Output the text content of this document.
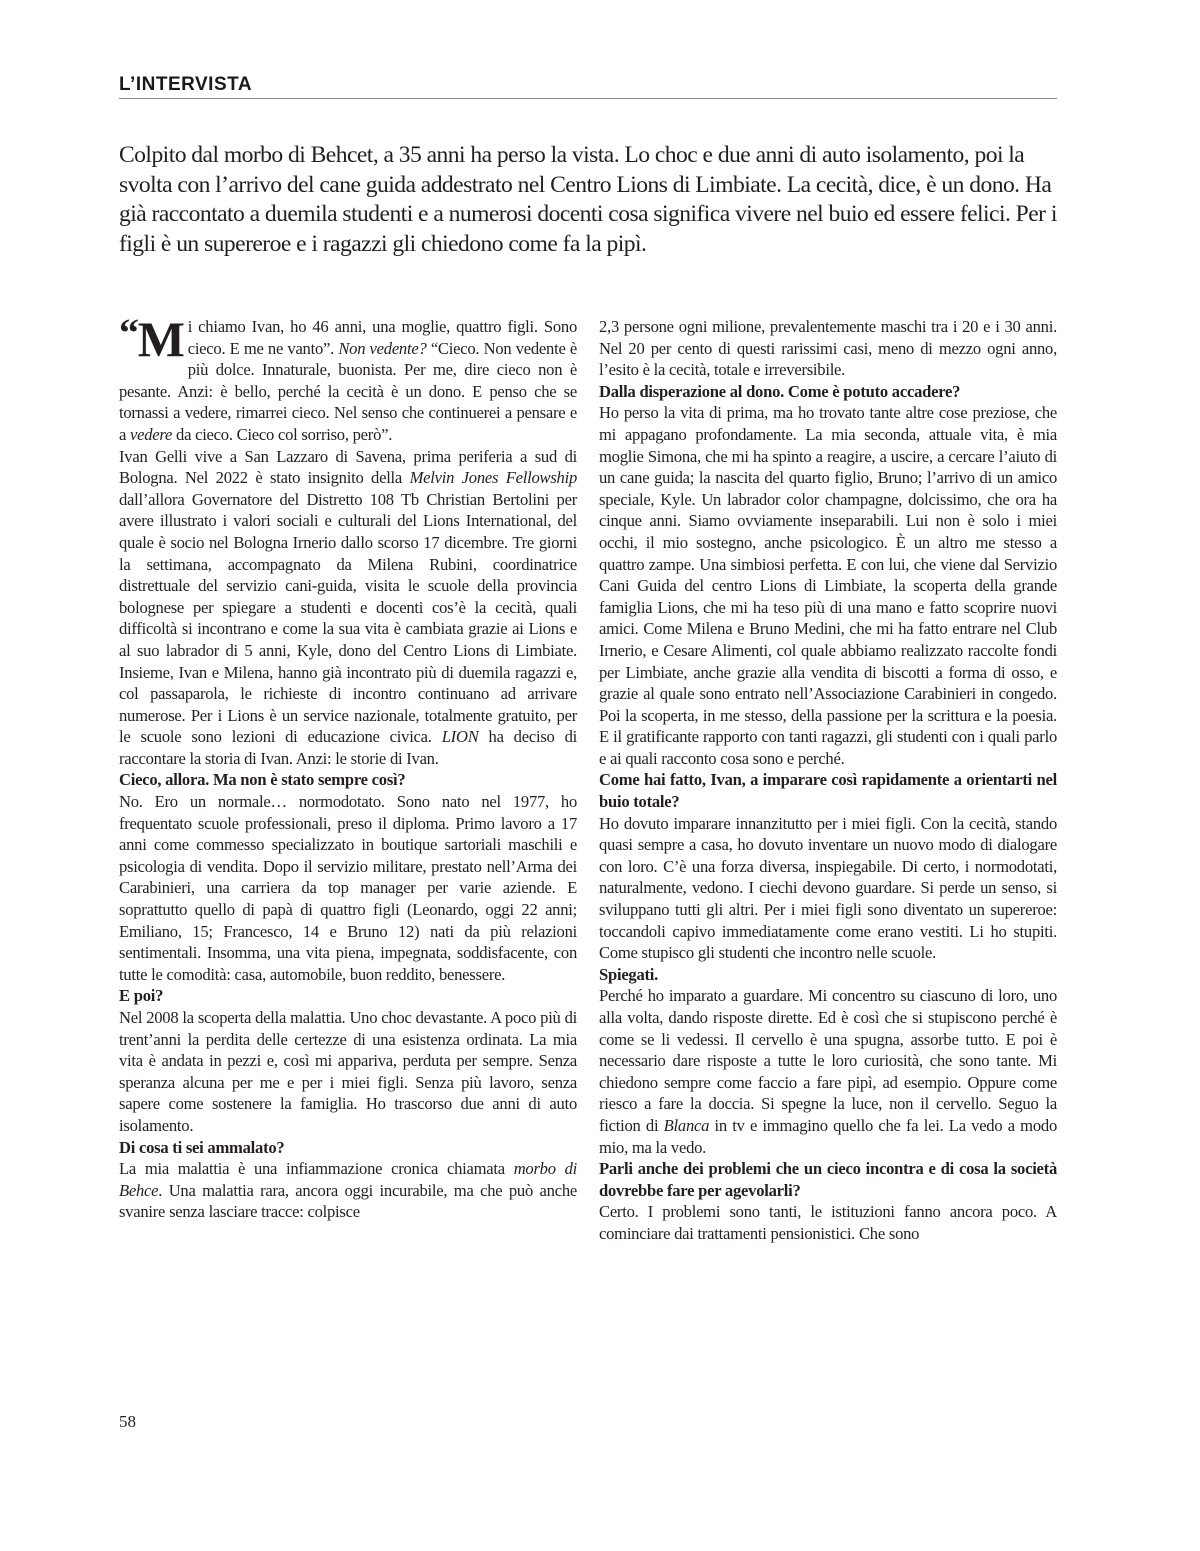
L’INTERVISTA

Colpito dal morbo di Behcet, a 35 anni ha perso la vista. Lo choc e due anni di auto isolamento, poi la svolta con l’arrivo del cane guida addestrato nel Centro Lions di Limbiate. La cecità, dice, è un dono. Ha già raccontato a duemila studenti e a numerosi docenti cosa significa vivere nel buio ed essere felici. Per i figli è un supereroe e i ragazzi gli chiedono come fa la pipì.

“ M i chiamo Ivan, ho 46 anni, una moglie, quattro figli. Sono cieco. E me ne vanto”. Non vedente? “Cieco. Non vedente è più dolce. Innaturale, buonista. Per me, dire cieco non è pesante. Anzi: è bello, perché la cecità è un dono. E penso che se tornassi a vedere, rimarrei cieco. Nel senso che continuerei a pensare e a vedere da cieco. Cieco col sorriso, però”.

Ivan Gelli vive a San Lazzaro di Savena, prima periferia a sud di Bologna. Nel 2022 è stato insignito della Melvin Jones Fellowship dall’allora Governatore del Distretto 108 Tb Christian Bertolini per avere illustrato i valori sociali e culturali del Lions International, del quale è socio nel Bologna Irnerio dallo scorso 17 dicembre. Tre giorni la settimana, accompagnato da Milena Rubini, coordinatrice distrettuale del servizio cani-guida, visita le scuole della provincia bolognese per spiegare a studenti e docenti cos’è la cecità, quali difficoltà si incontrano e come la sua vita è cambiata grazie ai Lions e al suo labrador di 5 anni, Kyle, dono del Centro Lions di Limbiate. Insieme, Ivan e Milena, hanno già incontrato più di duemila ragazzi e, col passaparola, le richieste di incontro continuano ad arrivare numerose. Per i Lions è un service nazionale, totalmente gratuito, per le scuole sono lezioni di educazione civica. LION ha deciso di raccontare la storia di Ivan. Anzi: le storie di Ivan.

Cieco, allora. Ma non è stato sempre così?

No. Ero un normale… normodotato. Sono nato nel 1977, ho frequentato scuole professionali, preso il diploma. Primo lavoro a 17 anni come commesso specializzato in boutique sartoriali maschili e psicologia di vendita. Dopo il servizio militare, prestato nell’Arma dei Carabinieri, una carriera da top manager per varie aziende. E soprattutto quello di papà di quattro figli (Leonardo, oggi 22 anni; Emiliano, 15; Francesco, 14 e Bruno 12) nati da più relazioni sentimentali. Insomma, una vita piena, impegnata, soddisfacente, con tutte le comodità: casa, automobile, buon reddito, benessere.

E poi?

Nel 2008 la scoperta della malattia. Uno choc devastante. A poco più di trent’anni la perdita delle certezze di una esistenza ordinata. La mia vita è andata in pezzi e, così mi appariva, perduta per sempre. Senza speranza alcuna per me e per i miei figli. Senza più lavoro, senza sapere come sostenere la famiglia. Ho trascorso due anni di auto isolamento.

Di cosa ti sei ammalato?

La mia malattia è una infiammazione cronica chiamata morbo di Behce. Una malattia rara, ancora oggi incurabile, ma che può anche svanire senza lasciare tracce: colpisce

2,3 persone ogni milione, prevalentemente maschi tra i 20 e i 30 anni. Nel 20 per cento di questi rarissimi casi, meno di mezzo ogni anno, l’esito è la cecità, totale e irreversibile.

Dalla disperazione al dono. Come è potuto accadere?

Ho perso la vita di prima, ma ho trovato tante altre cose preziose, che mi appagano profondamente. La mia seconda, attuale vita, è mia moglie Simona, che mi ha spinto a reagire, a uscire, a cercare l’aiuto di un cane guida; la nascita del quarto figlio, Bruno; l’arrivo di un amico speciale, Kyle. Un labrador color champagne, dolcissimo, che ora ha cinque anni. Siamo ovviamente inseparabili. Lui non è solo i miei occhi, il mio sostegno, anche psicologico. È un altro me stesso a quattro zampe. Una simbiosi perfetta. E con lui, che viene dal Servizio Cani Guida del centro Lions di Limbiate, la scoperta della grande famiglia Lions, che mi ha teso più di una mano e fatto scoprire nuovi amici. Come Milena e Bruno Medini, che mi ha fatto entrare nel Club Irnerio, e Cesare Alimenti, col quale abbiamo realizzato raccolte fondi per Limbiate, anche grazie alla vendita di biscotti a forma di osso, e grazie al quale sono entrato nell’Associazione Carabinieri in congedo. Poi la scoperta, in me stesso, della passione per la scrittura e la poesia. E il gratificante rapporto con tanti ragazzi, gli studenti con i quali parlo e ai quali racconto cosa sono e perché.

Come hai fatto, Ivan, a imparare così rapidamente a orientarti nel buio totale?

Ho dovuto imparare innanzitutto per i miei figli. Con la cecità, stando quasi sempre a casa, ho dovuto inventare un nuovo modo di dialogare con loro. C’è una forza diversa, inspiegabile. Di certo, i normodotati, naturalmente, vedono. I ciechi devono guardare. Si perde un senso, si sviluppano tutti gli altri. Per i miei figli sono diventato un supereroe: toccandoli capivo immediatamente come erano vestiti. Li ho stupiti. Come stupisco gli studenti che incontro nelle scuole.

Spiegati.

Perché ho imparato a guardare. Mi concentro su ciascuno di loro, uno alla volta, dando risposte dirette. Ed è così che si stupiscono perché è come se li vedessi. Il cervello è una spugna, assorbe tutto. E poi è necessario dare risposte a tutte le loro curiosità, che sono tante. Mi chiedono sempre come faccio a fare pipì, ad esempio. Oppure come riesco a fare la doccia. Si spegne la luce, non il cervello. Seguo la fiction di Blanca in tv e immagino quello che fa lei. La vedo a modo mio, ma la vedo.

Parli anche dei problemi che un cieco incontra e di cosa la società dovrebbe fare per agevolarli?

Certo. I problemi sono tanti, le istituzioni fanno ancora poco. A cominciare dai trattamenti pensionistici. Che sono

58
